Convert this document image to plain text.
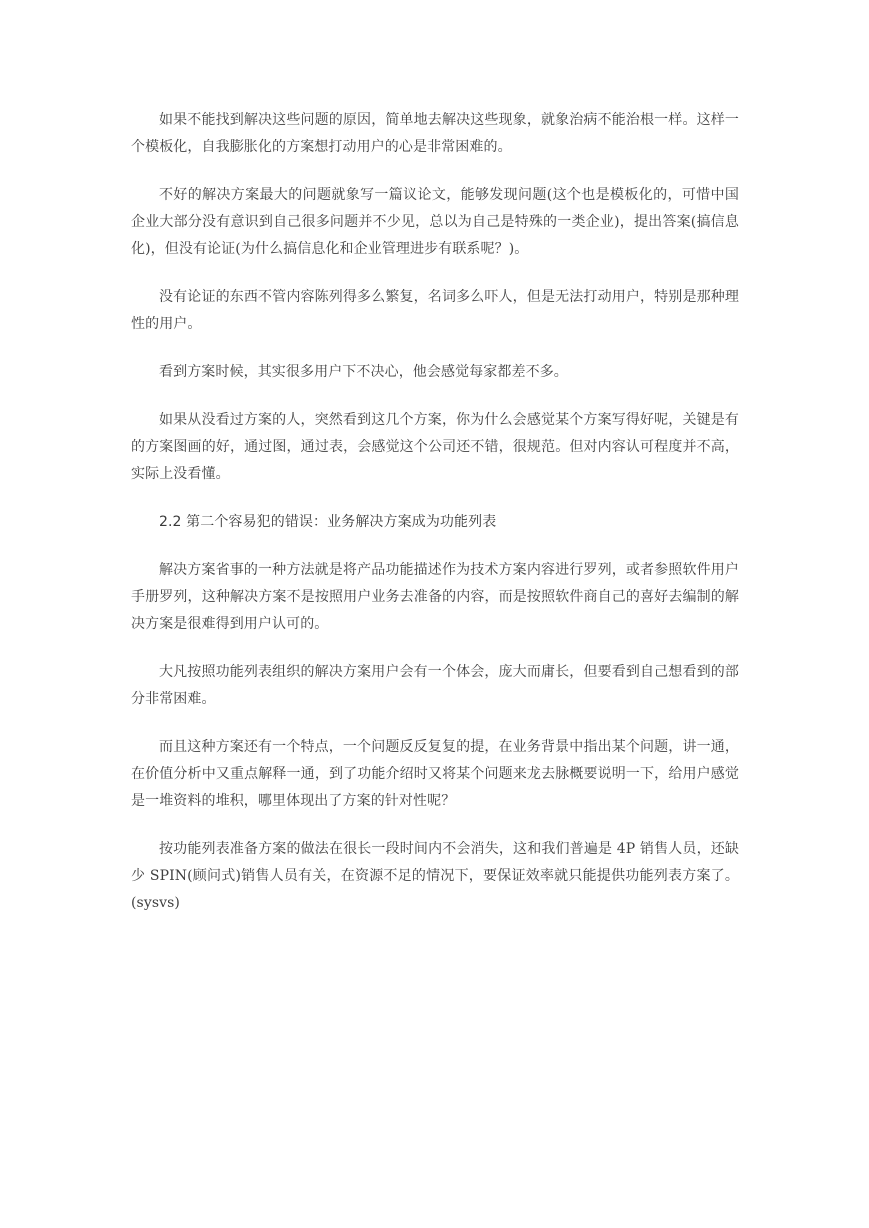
如果不能找到解决这些问题的原因，简单地去解决这些现象，就象治病不能治根一样。这样一个模板化，自我膨胀化的方案想打动用户的心是非常困难的。

不好的解决方案最大的问题就象写一篇议论文，能够发现问题(这个也是模板化的，可惜中国企业大部分没有意识到自己很多问题并不少见，总以为自己是特殊的一类企业)，提出答案(搞信息化)，但没有论证(为什么搞信息化和企业管理进步有联系呢？)。

没有论证的东西不管内容陈列得多么繁复，名词多么吓人，但是无法打动用户，特别是那种理性的用户。

看到方案时候，其实很多用户下不决心，他会感觉每家都差不多。

如果从没看过方案的人，突然看到这几个方案，你为什么会感觉某个方案写得好呢，关键是有的方案图画的好，通过图，通过表，会感觉这个公司还不错，很规范。但对内容认可程度并不高，实际上没看懂。

2.2 第二个容易犯的错误：业务解决方案成为功能列表

解决方案省事的一种方法就是将产品功能描述作为技术方案内容进行罗列，或者参照软件用户手册罗列，这种解决方案不是按照用户业务去准备的内容，而是按照软件商自己的喜好去编制的解决方案是很难得到用户认可的。

大凡按照功能列表组织的解决方案用户会有一个体会，庞大而庸长，但要看到自己想看到的部分非常困难。

而且这种方案还有一个特点，一个问题反反复复的提，在业务背景中指出某个问题，讲一通，在价值分析中又重点解释一通，到了功能介绍时又将某个问题来龙去脉概要说明一下，给用户感觉是一堆资料的堆积，哪里体现出了方案的针对性呢？

按功能列表准备方案的做法在很长一段时间内不会消失，这和我们普遍是 4P 销售人员，还缺少 SPIN(顾问式)销售人员有关，在资源不足的情况下，要保证效率就只能提供功能列表方案了。(sysvs)
